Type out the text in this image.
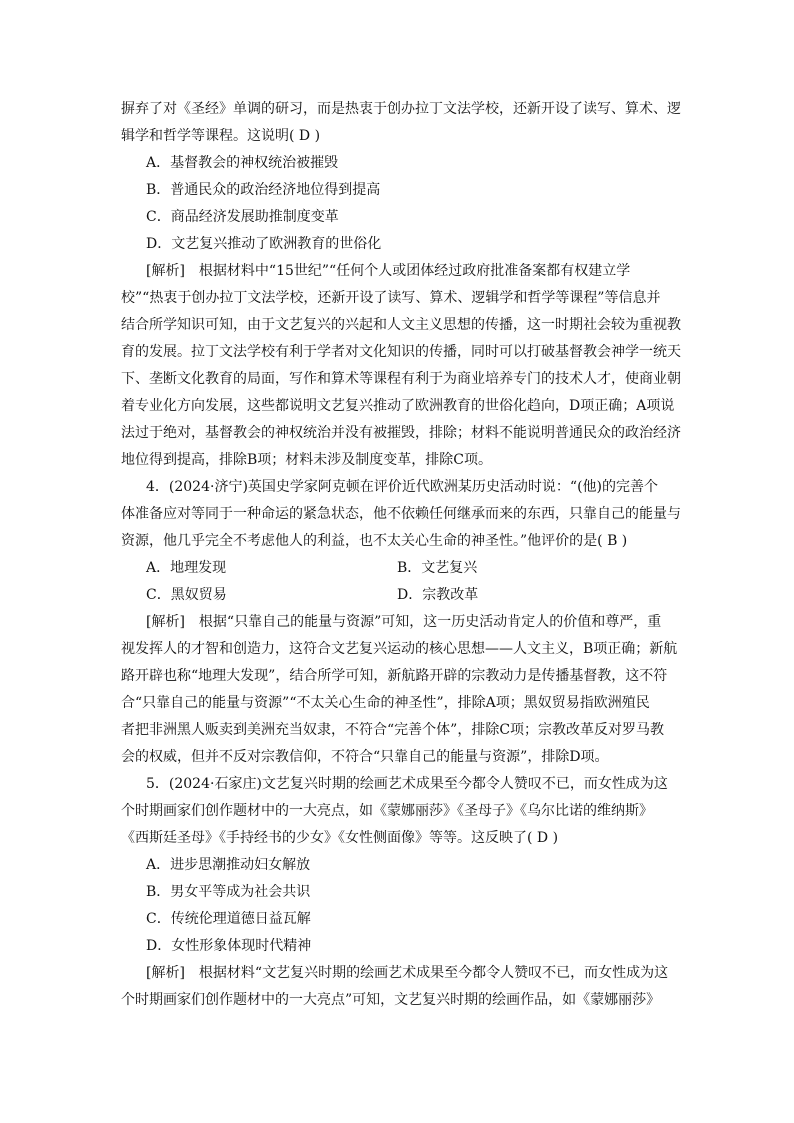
摒弃了对《圣经》单调的研习，而是热衷于创办拉丁文法学校，还新开设了读写、算术、逻
辑学和哲学等课程。这说明( D )
A．基督教会的神权统治被摧毁
B．普通民众的政治经济地位得到提高
C．商品经济发展助推制度变革
D．文艺复兴推动了欧洲教育的世俗化
[解析]　根据材料中“15世纪”“任何个人或团体经过政府批准备案都有权建立学
校”“热衷于创办拉丁文法学校，还新开设了读写、算术、逻辑学和哲学等课程”等信息并
结合所学知识可知，由于文艺复兴的兴起和人文主义思想的传播，这一时期社会较为重视教
育的发展。拉丁文法学校有利于学者对文化知识的传播，同时可以打破基督教会神学一统天
下、垄断文化教育的局面，写作和算术等课程有利于为商业培养专门的技术人才，使商业朝
着专业化方向发展，这些都说明文艺复兴推动了欧洲教育的世俗化趋向，D项正确；A项说
法过于绝对，基督教会的神权统治并没有被摧毁，排除；材料不能说明普通民众的政治经济
地位得到提高，排除B项；材料未涉及制度变革，排除C项。
4．(2024·济宁)英国史学家阿克顿在评价近代欧洲某历史活动时说：“(他)的完善个
体准备应对等同于一种命运的紧急状态，他不依赖任何继承而来的东西，只靠自己的能量与
资源，他几乎完全不考虑他人的利益，也不太关心生命的神圣性。”他评价的是( B )
A．地理发现	B．文艺复兴
C．黑奴贸易	D．宗教改革
[解析]　根据“只靠自己的能量与资源”可知，这一历史活动肯定人的价值和尊严，重
视发挥人的才智和创造力，这符合文艺复兴运动的核心思想——人文主义，B项正确；新航
路开辟也称“地理大发现”，结合所学可知，新航路开辟的宗教动力是传播基督教，这不符
合“只靠自己的能量与资源”“不太关心生命的神圣性”，排除A项；黑奴贸易指欧洲殖民
者把非洲黑人贩卖到美洲充当奴隶，不符合“完善个体”，排除C项；宗教改革反对罗马教
会的权威，但并不反对宗教信仰，不符合“只靠自己的能量与资源”，排除D项。
5．(2024·石家庄)文艺复兴时期的绘画艺术成果至今都令人赞叹不已，而女性成为这
个时期画家们创作题材中的一大亮点，如《蒙娜丽莎》《圣母子》《乌尔比诺的维纳斯》
《西斯廷圣母》《手持经书的少女》《女性侧面像》等等。这反映了( D )
A．进步思潮推动妇女解放
B．男女平等成为社会共识
C．传统伦理道德日益瓦解
D．女性形象体现时代精神
[解析]　根据材料“文艺复兴时期的绘画艺术成果至今都令人赞叹不已，而女性成为这
个时期画家们创作题材中的一大亮点”可知，文艺复兴时期的绘画作品，如《蒙娜丽莎》
